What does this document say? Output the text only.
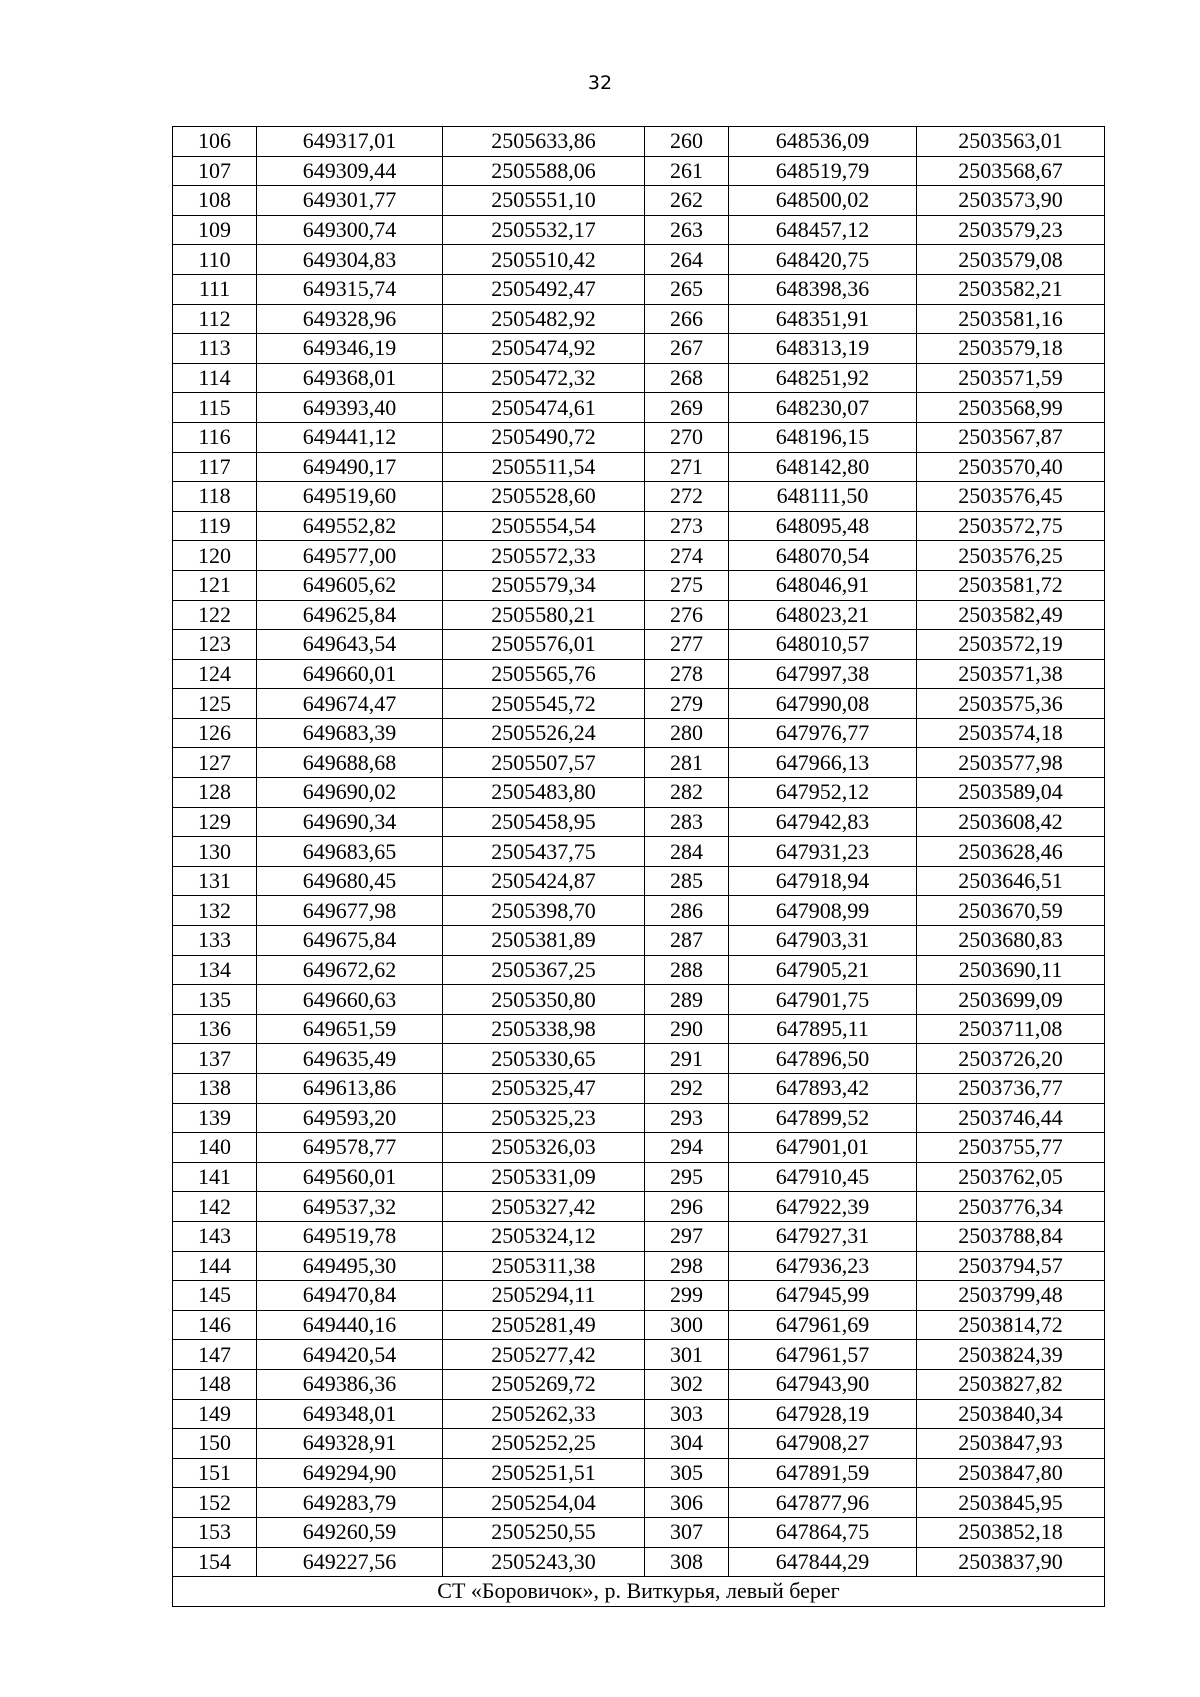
32
106	649317,01	2505633,86	260	648536,09	2503563,01
107	649309,44	2505588,06	261	648519,79	2503568,67
108	649301,77	2505551,10	262	648500,02	2503573,90
109	649300,74	2505532,17	263	648457,12	2503579,23
110	649304,83	2505510,42	264	648420,75	2503579,08
111	649315,74	2505492,47	265	648398,36	2503582,21
112	649328,96	2505482,92	266	648351,91	2503581,16
113	649346,19	2505474,92	267	648313,19	2503579,18
114	649368,01	2505472,32	268	648251,92	2503571,59
115	649393,40	2505474,61	269	648230,07	2503568,99
116	649441,12	2505490,72	270	648196,15	2503567,87
117	649490,17	2505511,54	271	648142,80	2503570,40
118	649519,60	2505528,60	272	648111,50	2503576,45
119	649552,82	2505554,54	273	648095,48	2503572,75
120	649577,00	2505572,33	274	648070,54	2503576,25
121	649605,62	2505579,34	275	648046,91	2503581,72
122	649625,84	2505580,21	276	648023,21	2503582,49
123	649643,54	2505576,01	277	648010,57	2503572,19
124	649660,01	2505565,76	278	647997,38	2503571,38
125	649674,47	2505545,72	279	647990,08	2503575,36
126	649683,39	2505526,24	280	647976,77	2503574,18
127	649688,68	2505507,57	281	647966,13	2503577,98
128	649690,02	2505483,80	282	647952,12	2503589,04
129	649690,34	2505458,95	283	647942,83	2503608,42
130	649683,65	2505437,75	284	647931,23	2503628,46
131	649680,45	2505424,87	285	647918,94	2503646,51
132	649677,98	2505398,70	286	647908,99	2503670,59
133	649675,84	2505381,89	287	647903,31	2503680,83
134	649672,62	2505367,25	288	647905,21	2503690,11
135	649660,63	2505350,80	289	647901,75	2503699,09
136	649651,59	2505338,98	290	647895,11	2503711,08
137	649635,49	2505330,65	291	647896,50	2503726,20
138	649613,86	2505325,47	292	647893,42	2503736,77
139	649593,20	2505325,23	293	647899,52	2503746,44
140	649578,77	2505326,03	294	647901,01	2503755,77
141	649560,01	2505331,09	295	647910,45	2503762,05
142	649537,32	2505327,42	296	647922,39	2503776,34
143	649519,78	2505324,12	297	647927,31	2503788,84
144	649495,30	2505311,38	298	647936,23	2503794,57
145	649470,84	2505294,11	299	647945,99	2503799,48
146	649440,16	2505281,49	300	647961,69	2503814,72
147	649420,54	2505277,42	301	647961,57	2503824,39
148	649386,36	2505269,72	302	647943,90	2503827,82
149	649348,01	2505262,33	303	647928,19	2503840,34
150	649328,91	2505252,25	304	647908,27	2503847,93
151	649294,90	2505251,51	305	647891,59	2503847,80
152	649283,79	2505254,04	306	647877,96	2503845,95
153	649260,59	2505250,55	307	647864,75	2503852,18
154	649227,56	2505243,30	308	647844,29	2503837,90
СТ «Боровичок», р. Виткурья, левый берег					
